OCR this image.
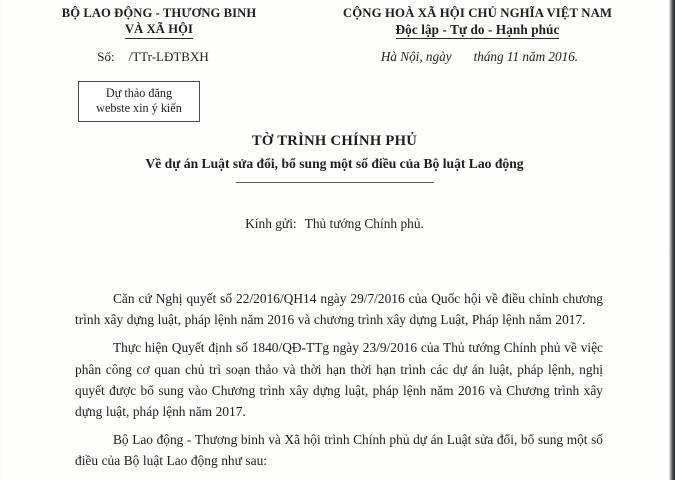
BỘ LAO ĐỘNG - THƯƠNG BINH
VÀ XÃ HỘI
CỘNG HOÀ XÃ HỘI CHỦ NGHĨA VIỆT NAM
Độc lập - Tự do - Hạnh phúc
Số: /TTr-LĐTBXH	Hà Nội, ngày tháng 11 năm 2016.
Dự thảo đăng
webste xin ý kiến
TỜ TRÌNH CHÍNH PHỦ
Về dự án Luật sửa đổi, bổ sung một số điều của Bộ luật Lao động
Kính gửi: Thủ tướng Chính phủ.

Căn cứ Nghị quyết số 22/2016/QH14 ngày 29/7/2016 của Quốc hội về điều chỉnh chương trình xây dựng luật, pháp lệnh năm 2016 và chương trình xây dựng Luật, Pháp lệnh năm 2017.

Thực hiện Quyết định số 1840/QĐ-TTg ngày 23/9/2016 của Thủ tướng Chính phủ về việc phân công cơ quan chủ trì soạn thảo và thời hạn thời hạn trình các dự án luật, pháp lệnh, nghị quyết được bổ sung vào Chương trình xây dựng luật, pháp lệnh năm 2016 và Chương trình xây dựng luật, pháp lệnh năm 2017.

Bộ Lao động - Thương binh và Xã hội trình Chính phủ dự án Luật sửa đổi, bổ sung một số điều của Bộ luật Lao động như sau:
